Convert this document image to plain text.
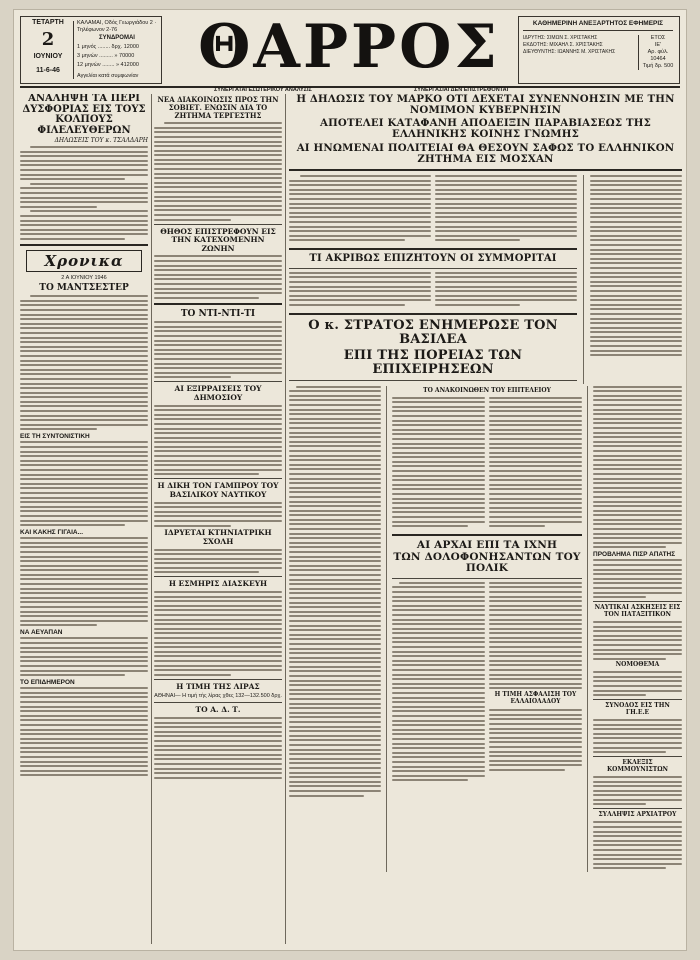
ΤΕΤΑΡΤΗ
2
ΙΟΥΝΙΟΥ
11-6-46
ΚΑΛΑΜΑΙ, Οδός Γεωργιάδου 2 · Τηλέφωνον 2-76
ΣΥΝΔΡΟΜΑΙ
1 μηνός ........ δρχ. 12000
3 μηνών ......... » 70000
12 μηνών ........ » 412000
Αγγελίαι κατά συμφωνίαν ΘΑΡΡΟΣ	ΚΑΘΗΜΕΡΙΝΗ ΑΝΕΞΑΡΤΗΤΟΣ ΕΦΗΜΕΡΙΣ
ΙΔΡΥΤΗΣ: ΣΙΜΩΝ Σ. ΧΡΙΣΤΑΚΗΣ
ΕΚΔΟΤΗΣ: ΜΙΧΑΗΛ Σ. ΧΡΙΣΤΑΚΗΣ
ΔΙΕΥΘΥΝΤΗΣ: ΙΩΑΝΝΗΣ Μ. ΧΡΙΣΤΑΚΗΣ
ΕΤΟΣ
ΙΕ'
Αρ. φύλ. 10464
Τιμή δρ. 500
ΣΥΝΕΡΓΑΤΑΙ ΕΣΩΤΕΡΙΚΟΥ ΑΝΑΛΥΣΙΣ	ΣΥΝΕΡΓΑΣΙΑΙ ΔΕΝ ΕΠΙΣΤΡΕΦΟΝΤΑΙ
ΑΝΑΛΗΨΗ ΤΑ ΠΕΡΙ ΔΥΣΦΟΡΙΑΣ ΕΙΣ ΤΟΥΣ ΚΟΛΠΟΥΣ ΦΙΛΕΛΕΥΘΕΡΩΝ
ΔΗΛΩΣΕΙΣ ΤΟΥ κ. ΤΣΑΛΔΑΡΗ
Χρονικα
2 Α ΙΟΥΝΙΟΥ 1946
ΤΟ ΜΑΝΤΣΕΣΤΕΡ
ΕΙΣ ΤΗ ΣΥΝΤΟΝΙΣΤΙΚΗ
ΚΑΙ ΚΑΚΗΣ ΓΙΓΑΙΑ...
ΝΑ ΑΕΥΑΠΑΝ
ΤΟ ΕΠΙΔΗΜΕΡΟΝ
ΝΕΑ ΔΙΑΚΟΙΝΩΣΙΣ ΠΡΟΣ ΤΗΝ ΣΟΒΙΕΤ. ΕΝΩΣΙΝ ΔΙΑ ΤΟ ΖΗΤΗΜΑ ΤΕΡΓΕΣΤΗΣ
ΘΗΘΟΣ ΕΠΙΣΤΡΕΦΟΥΝ ΕΙΣ ΤΗΝ ΚΑΤΕΧΟΜΕΝΗΝ ΖΩΝΗΝ
ΤΟ ΝΤΙ-ΝΤΙ-ΤΙ
ΑΙ ΕΞΙΡΡΑΙΣΕΙΣ ΤΟΥ ΔΗΜΟΣΙΟΥ
Η ΔΙΚΗ ΤΟΝ ΓΑΜΠΡΟΥ ΤΟΥ ΒΑΣΙΛΙΚΟΥ ΝΑΥΤΙΚΟΥ
ΙΔΡΥΕΤΑΙ ΚΤΗΝΙΑΤΡΙΚΗ ΣΧΟΛΗ
Η ΕΣΜΗΡΙΣ ΔΙΑΣΚΕΥΗ
Η ΤΙΜΗ ΤΗΣ ΛΙΡΑΣ
ΑΘΗΝΑΙ— Η τιμή τής λίρας χθες 132—132.500 δρχ.
ΤΟ Α. Δ. Τ.
Η ΔΗΛΩΣΙΣ ΤΟΥ ΜΑΡΚΟ ΟΤΙ ΔΕΧΕΤΑΙ ΣΥΝΕΝΝΟΗΣΙΝ ΜΕ ΤΗΝ ΝΟΜΙΜΟΝ ΚΥΒΕΡΝΗΣΙΝ
ΑΠΟΤΕΛΕΙ ΚΑΤΑΦΑΝΗ ΑΠΟΔΕΙΞΙΝ ΠΑΡΑΒΙΑΣΕΩΣ ΤΗΣ ΕΛΛΗΝΙΚΗΣ ΚΟΙΝΗΣ ΓΝΩΜΗΣ
ΑΙ ΗΝΩΜΕΝΑΙ ΠΟΛΙΤΕΙΑΙ ΘΑ ΘΕΣΟΥΝ ΣΑΦΩΣ ΤΟ ΕΛΛΗΝΙΚΟΝ ΖΗΤΗΜΑ ΕΙΣ ΜΟΣΧΑΝ
ΤΙ ΑΚΡΙΒΩΣ ΕΠΙΖΗΤΟΥΝ ΟΙ ΣΥΜΜΟΡΙΤΑΙ
Ο κ. ΣΤΡΑΤΟΣ ΕΝΗΜΕΡΩΣΕ ΤΟΝ ΒΑΣΙΛΕΑ
ΕΠΙ ΤΗΣ ΠΟΡΕΙΑΣ ΤΩΝ ΕΠΙΧΕΙΡΗΣΕΩΝ
ΤΟ ΑΝΑΚΟΙΝΩΘΕΝ ΤΟΥ ΕΠΙΤΕΛΕΙΟΥ
ΑΙ ΑΡΧΑΙ ΕΠΙ ΤΑ ΙΧΝΗ
ΤΩΝ ΔΟΛΟΦΟΝΗΣΑΝΤΩΝ ΤΟΥ ΠΟΛΙΚ
Η ΤΙΜΗ ΑΣΦΑΛΙΣΗ ΤΟΥ ΕΛΛΑΙΟΛΑΔΟΥ
ΠΡΟΒΛΗΜΑ ΠΙΣΡ ΑΠΑΤΗΣ
ΝΑΥΤΙΚΑΙ ΑΣΚΗΣΕΙΣ ΕΙΣ ΤΟΝ ΠΑΤΑΞΙΤΙΚΟΝ
ΝΟΜΟΘΕΜΑ
ΣΥΝΟΔΟΣ ΕΙΣ ΤΗΝ ΓΗ.Ε.Ε
ΕΚΛΕΞΙΣ ΚΟΜΜΟΥΝΙΣΤΩΝ
ΣΥΛΛΗΨΙΣ ΑΡΧΙΑΤΡΟΥ
